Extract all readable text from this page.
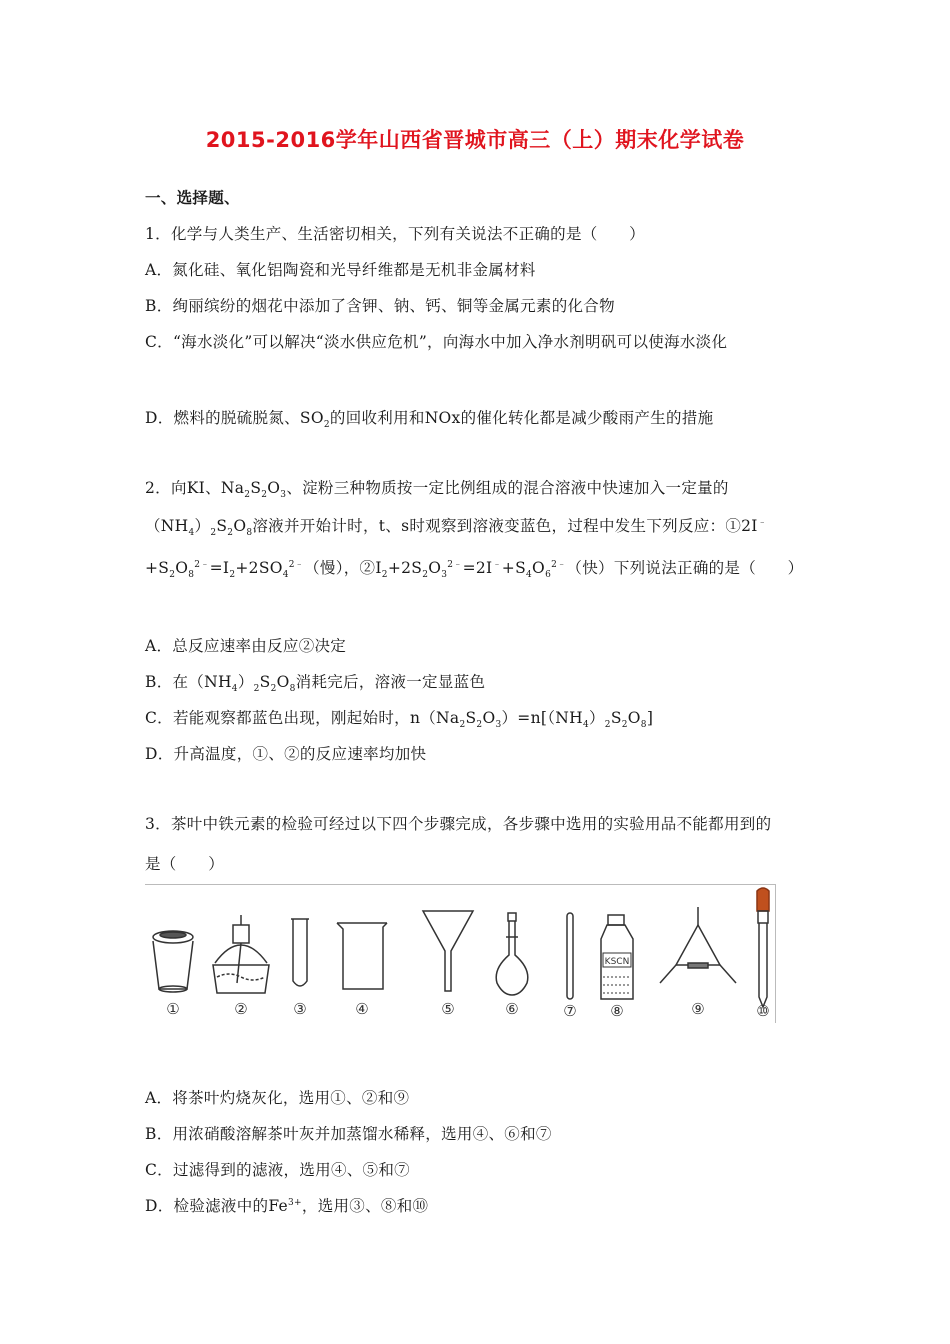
2015-2016学年山西省晋城市高三（上）期末化学试卷
一、选择题、
1．化学与人类生产、生活密切相关，下列有关说法不正确的是（　　）
A．氮化硅、氧化铝陶瓷和光导纤维都是无机非金属材料
B．绚丽缤纷的烟花中添加了含钾、钠、钙、铜等金属元素的化合物
C．“海水淡化”可以解决“淡水供应危机”，向海水中加入净水剂明矾可以使海水淡化
D．燃料的脱硫脱氮、$SO_2$的回收利用和NOx的催化转化都是减少酸雨产生的措施
2．向KI、$Na_2S_2O_3$、淀粉三种物质按一定比例组成的混合溶液中快速加入一定量的
$(NH_4)_2S_2O_8$溶液并开始计时，t、s时观察到溶液变蓝色，过程中发生下列反应：①2I﹣
$+S_2O_8^{2﹣}=I_2+2SO_4^{2﹣}$（慢），$②I_2+2S_2O_3^{2﹣}=2I^﹣+S_4O_6^{2﹣}$（快）下列说法正确的是（　　）
A．总反应速率由反应②决定
B．在$(NH_4)_2S_2O_8$消耗完后，溶液一定显蓝色
C．若能观察都蓝色出现，刚起始时，$n(Na_2S_2O_3)=n[(NH_4)_2S_2O_8]$
D．升高温度，①、②的反应速率均加快
3．茶叶中铁元素的检验可经过以下四个步骤完成，各步骤中选用的实验用品不能都用到的
是（　　）
KSCN
①	②	③	④	⑤	⑥	⑦ ⑧	⑨	⑩
A．将茶叶灼烧灰化，选用①、②和⑨
B．用浓硝酸溶解茶叶灰并加蒸馏水稀释，选用④、⑥和⑦
C．过滤得到的滤液，选用④、⑤和⑦
D．检验滤液中的$Fe^{3+}$，选用③、⑧和⑩
